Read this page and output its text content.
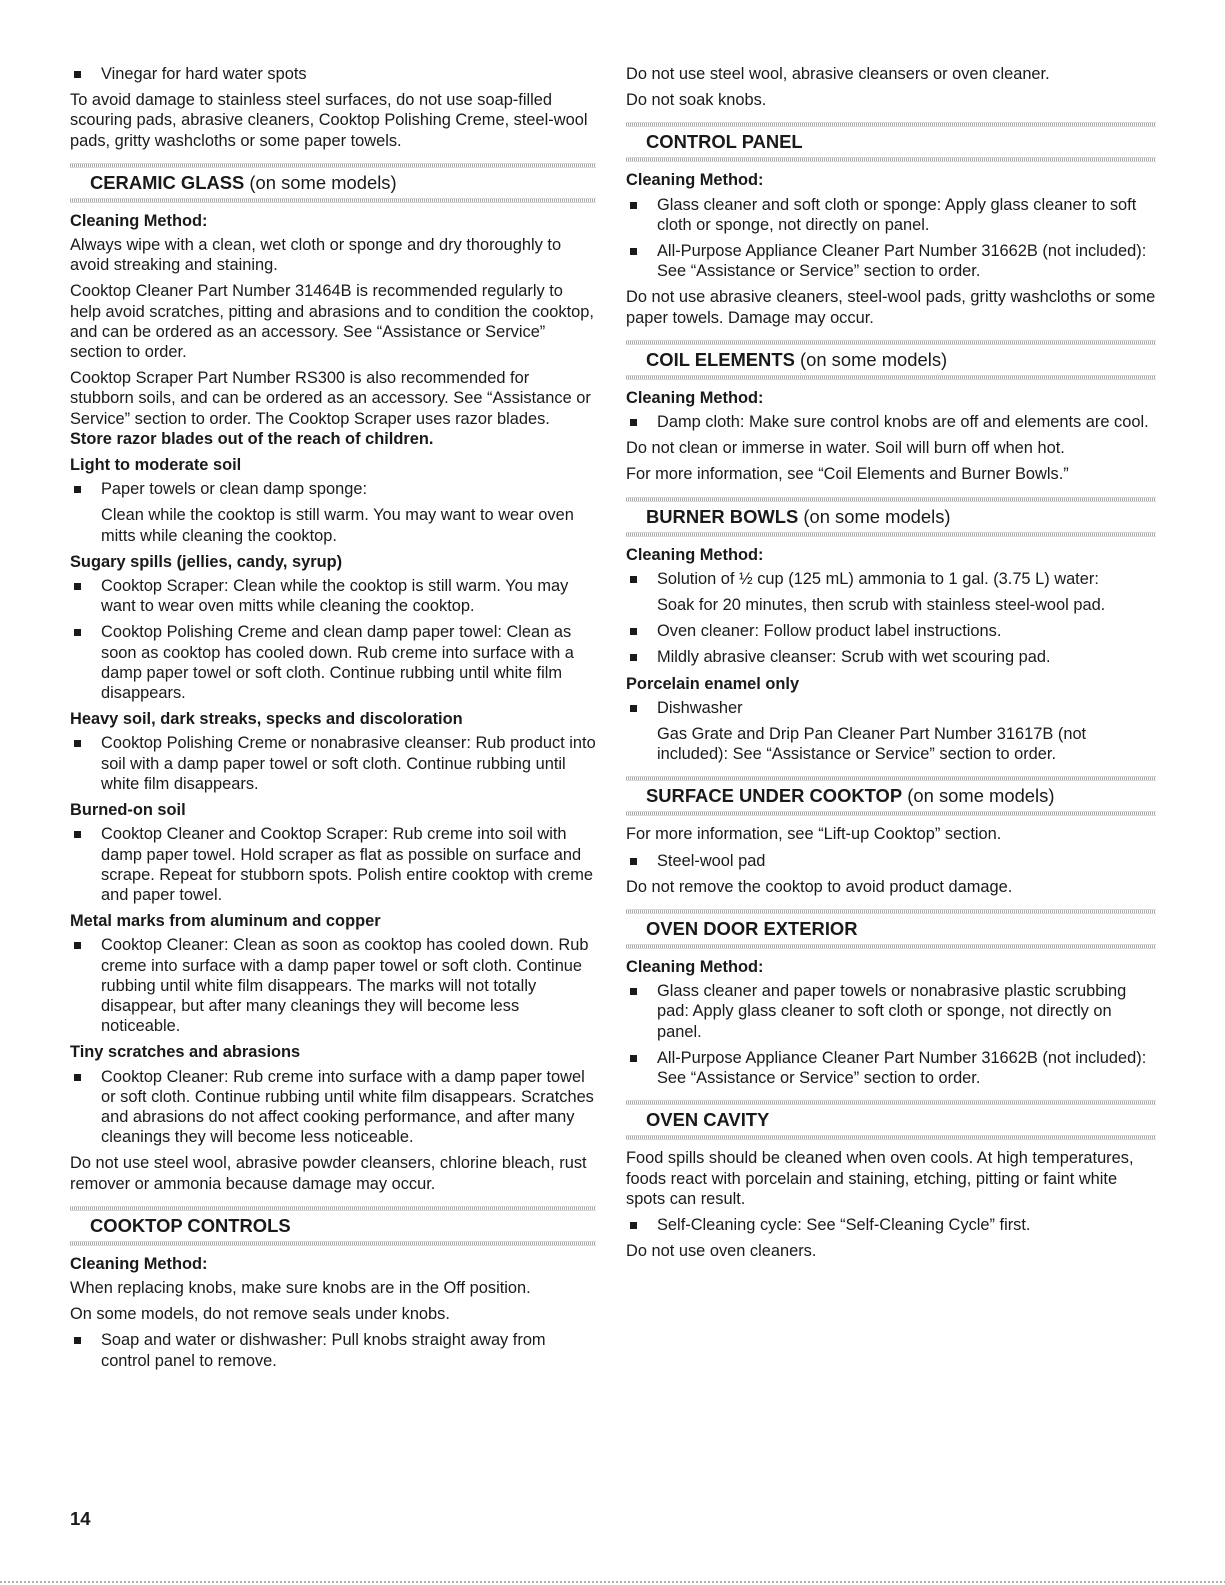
Vinegar for hard water spots

To avoid damage to stainless steel surfaces, do not use soap-filled scouring pads, abrasive cleaners, Cooktop Polishing Creme, steel-wool pads, gritty washcloths or some paper towels.

CERAMIC GLASS (on some models)
Cleaning Method:

Always wipe with a clean, wet cloth or sponge and dry thoroughly to avoid streaking and staining.

Cooktop Cleaner Part Number 31464B is recommended regularly to help avoid scratches, pitting and abrasions and to condition the cooktop, and can be ordered as an accessory. See “Assistance or Service” section to order.

Cooktop Scraper Part Number RS300 is also recommended for stubborn soils, and can be ordered as an accessory. See “Assistance or Service” section to order. The Cooktop Scraper uses razor blades. Store razor blades out of the reach of children.

Light to moderate soil
Paper towels or clean damp sponge:
Clean while the cooktop is still warm. You may want to wear oven mitts while cleaning the cooktop.
Sugary spills (jellies, candy, syrup)
Cooktop Scraper: Clean while the cooktop is still warm. You may want to wear oven mitts while cleaning the cooktop.
Cooktop Polishing Creme and clean damp paper towel: Clean as soon as cooktop has cooled down. Rub creme into surface with a damp paper towel or soft cloth. Continue rubbing until white film disappears.
Heavy soil, dark streaks, specks and discoloration
Cooktop Polishing Creme or nonabrasive cleanser: Rub product into soil with a damp paper towel or soft cloth. Continue rubbing until white film disappears.
Burned-on soil
Cooktop Cleaner and Cooktop Scraper: Rub creme into soil with damp paper towel. Hold scraper as flat as possible on surface and scrape. Repeat for stubborn spots. Polish entire cooktop with creme and paper towel.
Metal marks from aluminum and copper
Cooktop Cleaner: Clean as soon as cooktop has cooled down. Rub creme into surface with a damp paper towel or soft cloth. Continue rubbing until white film disappears. The marks will not totally disappear, but after many cleanings they will become less noticeable.
Tiny scratches and abrasions
Cooktop Cleaner: Rub creme into surface with a damp paper towel or soft cloth. Continue rubbing until white film disappears. Scratches and abrasions do not affect cooking performance, and after many cleanings they will become less noticeable.

Do not use steel wool, abrasive powder cleansers, chlorine bleach, rust remover or ammonia because damage may occur.

COOKTOP CONTROLS
Cleaning Method:

When replacing knobs, make sure knobs are in the Off position.

On some models, do not remove seals under knobs.

Soap and water or dishwasher: Pull knobs straight away from control panel to remove.

Do not use steel wool, abrasive cleansers or oven cleaner.

Do not soak knobs.

CONTROL PANEL
Cleaning Method:
Glass cleaner and soft cloth or sponge: Apply glass cleaner to soft cloth or sponge, not directly on panel.
All-Purpose Appliance Cleaner Part Number 31662B (not included): See “Assistance or Service” section to order.

Do not use abrasive cleaners, steel-wool pads, gritty washcloths or some paper towels. Damage may occur.

COIL ELEMENTS (on some models)
Cleaning Method:
Damp cloth: Make sure control knobs are off and elements are cool.

Do not clean or immerse in water. Soil will burn off when hot.

For more information, see “Coil Elements and Burner Bowls.”

BURNER BOWLS (on some models)
Cleaning Method:
Solution of ½ cup (125 mL) ammonia to 1 gal. (3.75 L) water:
Soak for 20 minutes, then scrub with stainless steel-wool pad.
Oven cleaner: Follow product label instructions.
Mildly abrasive cleanser: Scrub with wet scouring pad.
Porcelain enamel only
Dishwasher
Gas Grate and Drip Pan Cleaner Part Number 31617B (not included): See “Assistance or Service” section to order.
SURFACE UNDER COOKTOP (on some models)

For more information, see “Lift-up Cooktop” section.

Steel-wool pad

Do not remove the cooktop to avoid product damage.

OVEN DOOR EXTERIOR
Cleaning Method:
Glass cleaner and paper towels or nonabrasive plastic scrubbing pad: Apply glass cleaner to soft cloth or sponge, not directly on panel.
All-Purpose Appliance Cleaner Part Number 31662B (not included): See “Assistance or Service” section to order.
OVEN CAVITY

Food spills should be cleaned when oven cools. At high temperatures, foods react with porcelain and staining, etching, pitting or faint white spots can result.

Self-Cleaning cycle: See “Self-Cleaning Cycle” first.

Do not use oven cleaners.

14
